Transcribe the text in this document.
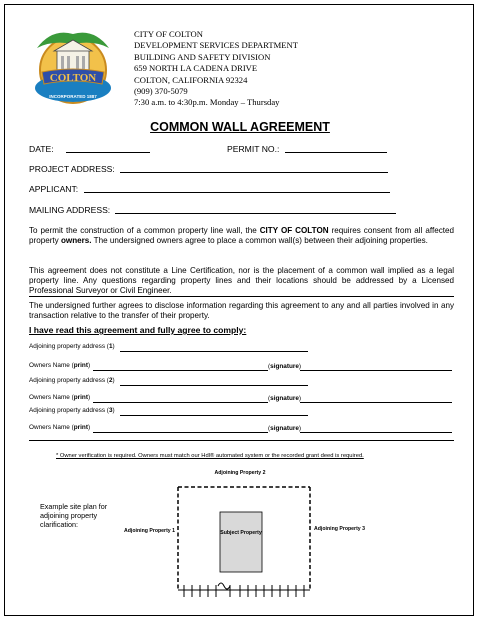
COLTON
INCORPORATED 1887
CITY OF COLTON
DEVELOPMENT SERVICES DEPARTMENT
BUILDING AND SAFETY DIVISION
659 NORTH LA CADENA DRIVE
COLTON, CALIFORNIA 92324
(909) 370-5079
7:30 a.m. to 4:30p.m. Monday – Thursday
COMMON WALL AGREEMENT
DATE:	PERMIT NO.:
PROJECT ADDRESS:
APPLICANT:
MAILING ADDRESS:
To permit the construction of a common property line wall, the CITY OF COLTON requires consent from all affected property owners. The undersigned owners agree to place a common wall(s) between their adjoining properties.
This agreement does not constitute a Line Certification, nor is the placement of a common wall implied as a legal property line. Any questions regarding property lines and their locations should be addressed by a Licensed Professional Surveyor or Civil Engineer.
The undersigned further agrees to disclose information regarding this agreement to any and all parties involved in any transaction relative to the transfer of their property.
I have read this agreement and fully agree to comply:
Adjoining property address (1)
Owners Name (print)	(signature)
Adjoining property address (2)
Owners Name (print)	(signature)
Adjoining property address (3)
Owners Name (print)	(signature)
* Owner verification is required. Owners must match our Hdl® automated system or the recorded grant deed is required.
Example site plan for adjoining property clarification:
Adjoining Property 2
Subject Property
Adjoining Property 1	Adjoining Property 3
